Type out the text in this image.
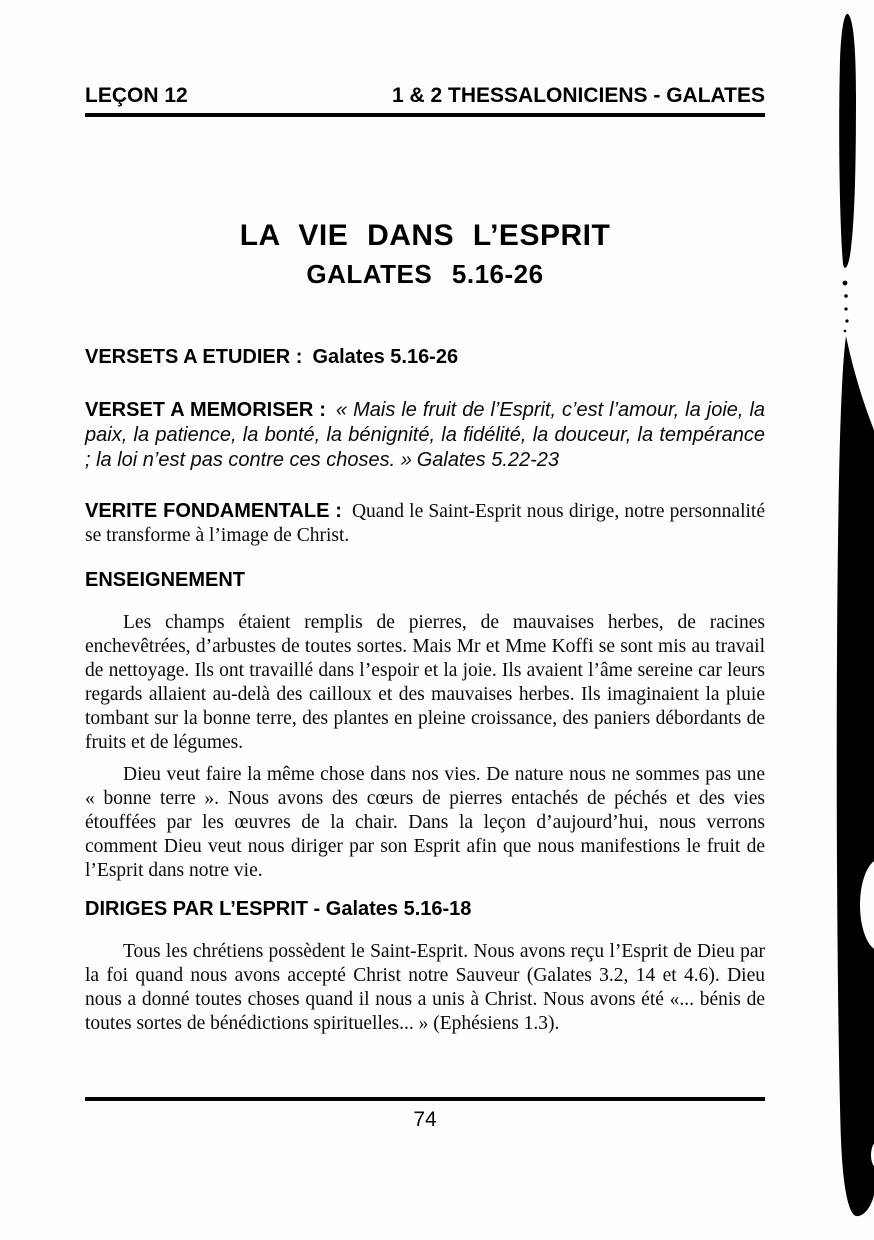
LEÇON 12	1 & 2 THESSALONICIENS - GALATES
LA VIE DANS L’ESPRIT
GALATES 5.16-26
VERSETS A ETUDIER : Galates 5.16-26
VERSET A MEMORISER : « Mais le fruit de l’Esprit, c’est l’amour, la joie, la paix, la patience, la bonté, la bénignité, la fidélité, la douceur, la tempérance ; la loi n’est pas contre ces choses. » Galates 5.22-23
VERITE FONDAMENTALE : Quand le Saint-Esprit nous dirige, notre personnalité se transforme à l’image de Christ.
ENSEIGNEMENT

Les champs étaient remplis de pierres, de mauvaises herbes, de racines enchevêtrées, d’arbustes de toutes sortes. Mais Mr et Mme Koffi se sont mis au travail de nettoyage. Ils ont travaillé dans l’espoir et la joie. Ils avaient l’âme sereine car leurs regards allaient au-delà des cailloux et des mauvaises herbes. Ils imaginaient la pluie tombant sur la bonne terre, des plantes en pleine croissance, des paniers débordants de fruits et de légumes.

Dieu veut faire la même chose dans nos vies. De nature nous ne sommes pas une « bonne terre ». Nous avons des cœurs de pierres entachés de péchés et des vies étouffées par les œuvres de la chair. Dans la leçon d’aujourd’hui, nous verrons comment Dieu veut nous diriger par son Esprit afin que nous manifestions le fruit de l’Esprit dans notre vie.

DIRIGES PAR L’ESPRIT - Galates 5.16-18

Tous les chrétiens possèdent le Saint-Esprit. Nous avons reçu l’Esprit de Dieu par la foi quand nous avons accepté Christ notre Sauveur (Galates 3.2, 14 et 4.6). Dieu nous a donné toutes choses quand il nous a unis à Christ. Nous avons été «... bénis de toutes sortes de bénédictions spirituelles... » (Ephésiens 1.3).

74
